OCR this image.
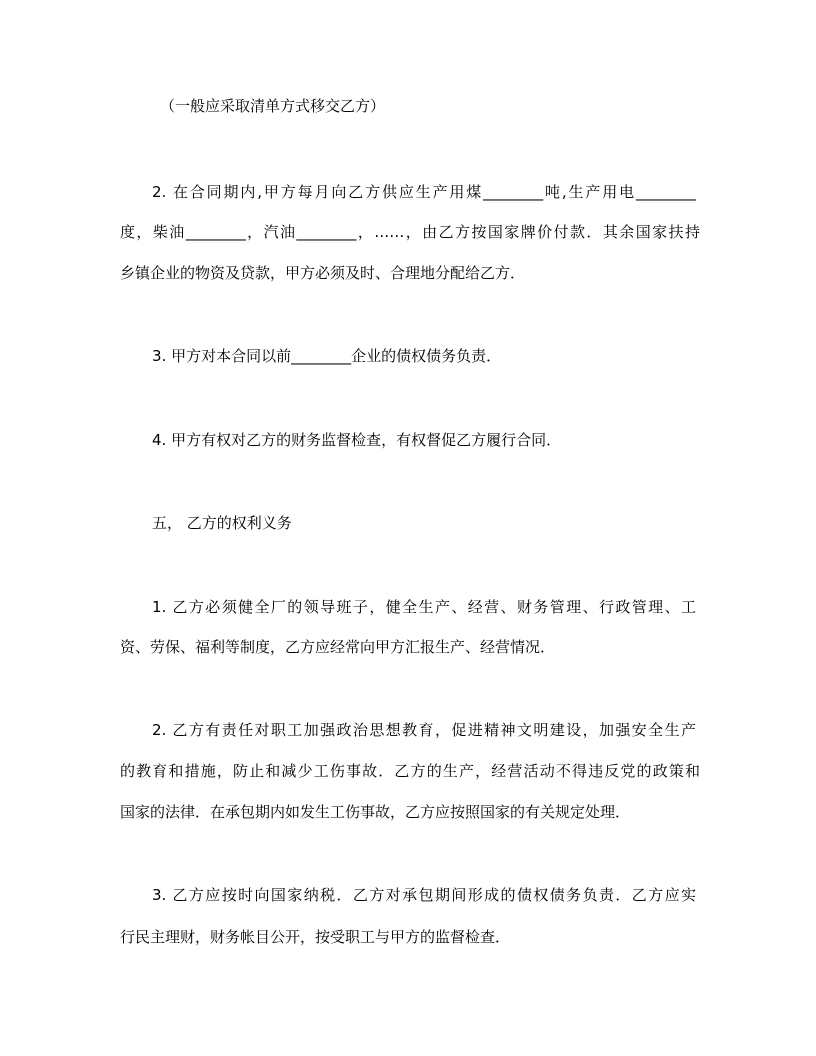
（一般应采取清单方式移交乙方）
2. 在合同期内,甲方每月向乙方供应生产用煤________吨,生产用电________
度，柴油________，汽油________，……，由乙方按国家牌价付款．其余国家扶持
乡镇企业的物资及贷款，甲方必须及时、合理地分配给乙方．
3. 甲方对本合同以前________企业的债权债务负责．
4. 甲方有权对乙方的财务监督检查，有权督促乙方履行合同．
五， 乙方的权利义务
1. 乙方必须健全厂的领导班子，健全生产、经营、财务管理、行政管理、工
资、劳保、福利等制度，乙方应经常向甲方汇报生产、经营情况．
2. 乙方有责任对职工加强政治思想教育，促进精神文明建设，加强安全生产
的教育和措施，防止和减少工伤事故．乙方的生产，经营活动不得违反党的政策和
国家的法律．在承包期内如发生工伤事故，乙方应按照国家的有关规定处理．
3. 乙方应按时向国家纳税．乙方对承包期间形成的债权债务负责．乙方应实
行民主理财，财务帐目公开，按受职工与甲方的监督检查．
